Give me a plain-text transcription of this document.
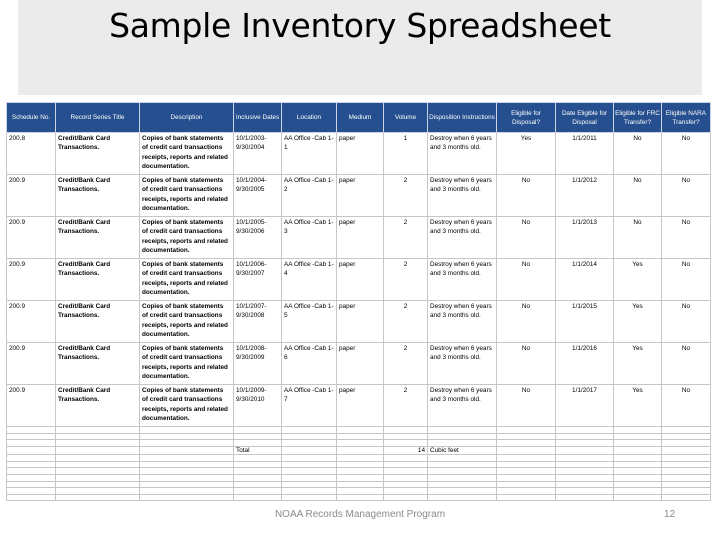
Sample Inventory Spreadsheet
Schedule No.	Record Series Title	Description	Inclusive Dates	Location	Medium	Volume	Disposition Instructions	Eligible for Disposal?	Date Eligible for Disposal	Eligible for FRC Transfer?	Eligible NARA Transfer?
200.8	Credit/Bank Card Transactions.	Copies of bank statements of credit card transactions receipts, reports and related documentation.	10/1/2003-9/30/2004	AA Office -Cab 1-1	paper	1	Destroy when 6 years and 3 months old.	Yes	1/1/2011	No	No
200.9	Credit/Bank Card Transactions.	Copies of bank statements of credit card transactions receipts, reports and related documentation.	10/1/2004-9/30/2005	AA Office -Cab 1-2	paper	2	Destroy when 6 years and 3 months old.	No	1/1/2012	No	No
200.9	Credit/Bank Card Transactions.	Copies of bank statements of credit card transactions receipts, reports and related documentation.	10/1/2005-9/30/2006	AA Office -Cab 1-3	paper	2	Destroy when 6 years and 3 months old.	No	1/1/2013	No	No
200.9	Credit/Bank Card Transactions.	Copies of bank statements of credit card transactions receipts, reports and related documentation.	10/1/2006-9/30/2007	AA Office -Cab 1-4	paper	2	Destroy when 6 years and 3 months old.	No	1/1/2014	Yes	No
200.9	Credit/Bank Card Transactions.	Copies of bank statements of credit card transactions receipts, reports and related documentation.	10/1/2007-9/30/2008	AA Office -Cab 1-5	paper	2	Destroy when 6 years and 3 months old.	No	1/1/2015	Yes	No
200.9	Credit/Bank Card Transactions.	Copies of bank statements of credit card transactions receipts, reports and related documentation.	10/1/2008-9/30/2009	AA Office -Cab 1-6	paper	2	Destroy when 6 years and 3 months old.	No	1/1/2016	Yes	No
200.9	Credit/Bank Card Transactions.	Copies of bank statements of credit card transactions receipts, reports and related documentation.	10/1/2009-9/30/2010	AA Office -Cab 1-7	paper	2	Destroy when 6 years and 3 months old.	No	1/1/2017	Yes	No

			Total			14	Cubic feet				

NOAA Records Management Program	12
